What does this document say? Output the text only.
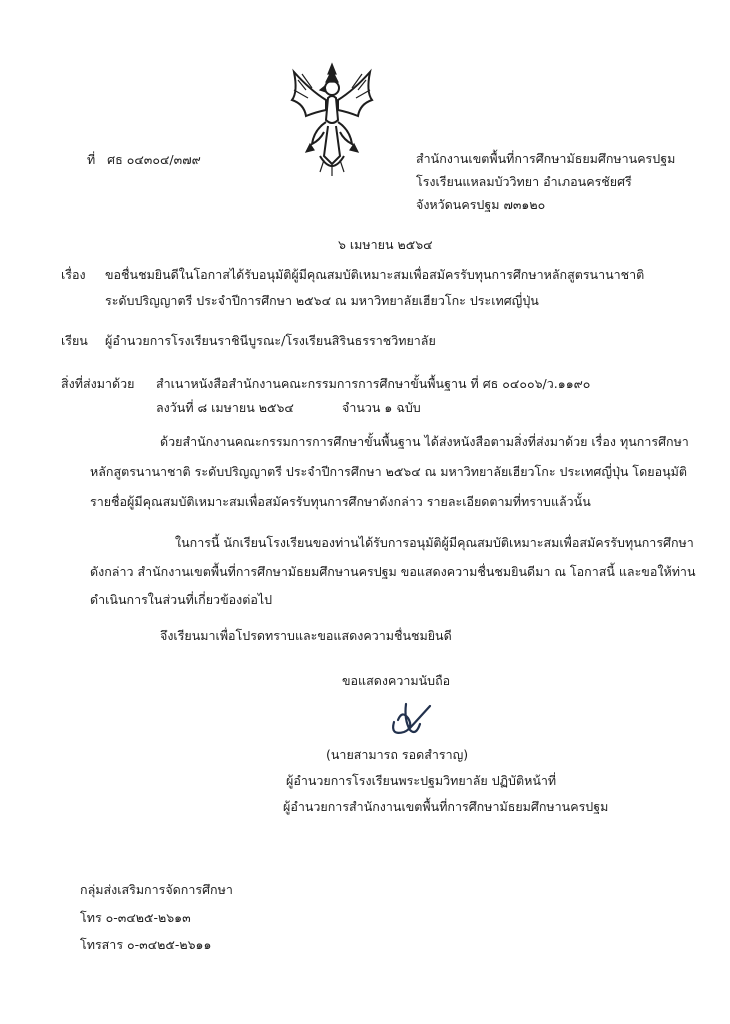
ที่ ศธ ๐๔๓๐๔/๓๗๙	สำนักงานเขตพื้นที่การศึกษามัธยมศึกษานครปฐม
โรงเรียนแหลมบัววิทยา อำเภอนครชัยศรี
จังหวัดนครปฐม ๗๓๑๒๐
๖ เมษายน ๒๕๖๔
เรื่อง ขอชื่นชมยินดีในโอกาสได้รับอนุมัติผู้มีคุณสมบัติเหมาะสมเพื่อสมัครรับทุนการศึกษาหลักสูตรนานาชาติ
ระดับปริญญาตรี ประจำปีการศึกษา ๒๕๖๔ ณ มหาวิทยาลัยเฮียวโกะ ประเทศญี่ปุ่น
เรียน ผู้อำนวยการโรงเรียนราชินีบูรณะ/โรงเรียนสิรินธรราชวิทยาลัย
สิ่งที่ส่งมาด้วย สำเนาหนังสือสำนักงานคณะกรรมการการศึกษาขั้นพื้นฐาน ที่ ศธ ๐๔๐๐๖/ว.๑๑๙๐
ลงวันที่ ๘ เมษายน ๒๕๖๔	จำนวน ๑ ฉบับ
ด้วยสำนักงานคณะกรรมการการศึกษาขั้นพื้นฐาน ได้ส่งหนังสือตามสิ่งที่ส่งมาด้วย เรื่อง ทุนการศึกษา
หลักสูตรนานาชาติ ระดับปริญญาตรี ประจำปีการศึกษา ๒๕๖๔ ณ มหาวิทยาลัยเฮียวโกะ ประเทศญี่ปุ่น โดยอนุมัติ
รายชื่อผู้มีคุณสมบัติเหมาะสมเพื่อสมัครรับทุนการศึกษาดังกล่าว รายละเอียดตามที่ทราบแล้วนั้น
ในการนี้ นักเรียนโรงเรียนของท่านได้รับการอนุมัติผู้มีคุณสมบัติเหมาะสมเพื่อสมัครรับทุนการศึกษา
ดังกล่าว สำนักงานเขตพื้นที่การศึกษามัธยมศึกษานครปฐม ขอแสดงความชื่นชมยินดีมา ณ โอกาสนี้ และขอให้ท่าน
ดำเนินการในส่วนที่เกี่ยวข้องต่อไป
จึงเรียนมาเพื่อโปรดทราบและขอแสดงความชื่นชมยินดี
ขอแสดงความนับถือ
(นายสามารถ รอดสำราญ)
ผู้อำนวยการโรงเรียนพระปฐมวิทยาลัย ปฏิบัติหน้าที่
ผู้อำนวยการสำนักงานเขตพื้นที่การศึกษามัธยมศึกษานครปฐม
กลุ่มส่งเสริมการจัดการศึกษา
โทร ๐-๓๔๒๕-๒๖๑๓
โทรสาร ๐-๓๔๒๕-๒๖๑๑
